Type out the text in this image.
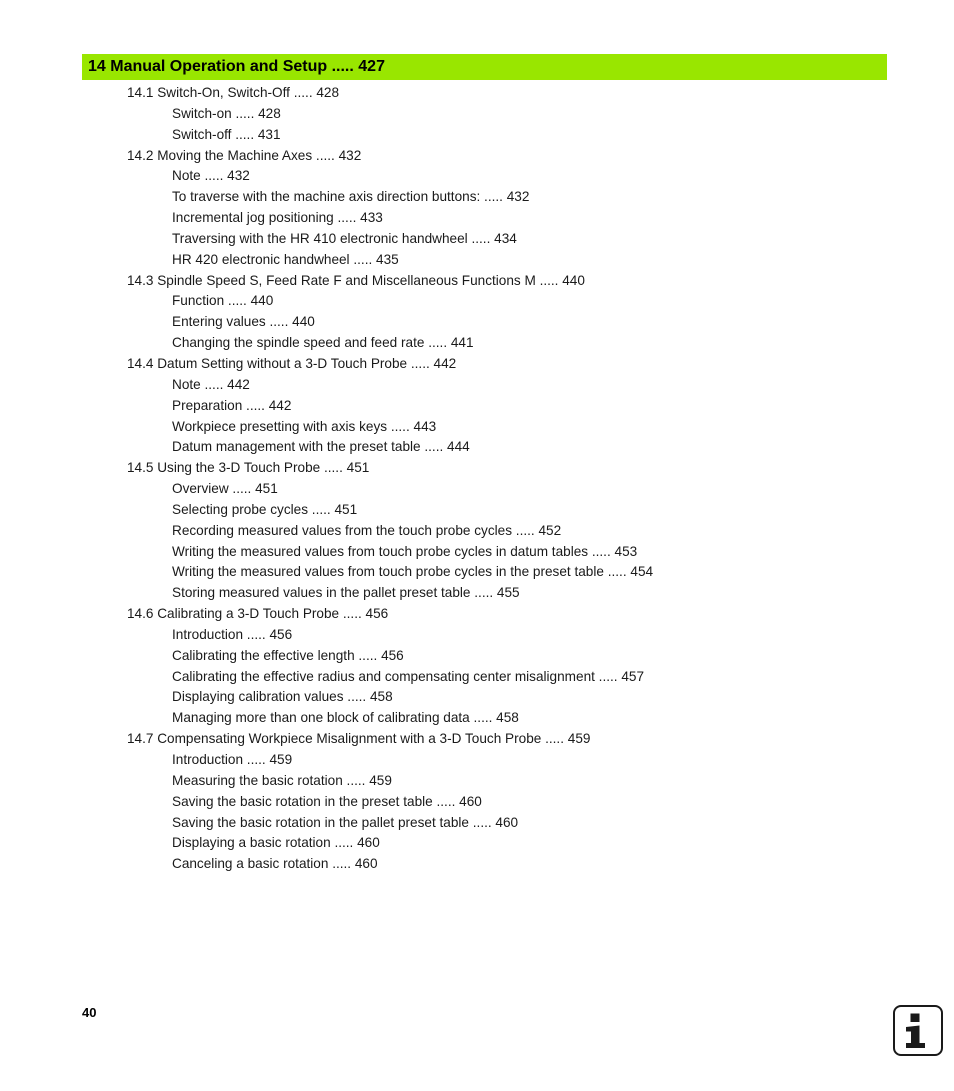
14 Manual Operation and Setup ..... 427
14.1 Switch-On, Switch-Off ..... 428
Switch-on ..... 428
Switch-off ..... 431
14.2 Moving the Machine Axes ..... 432
Note ..... 432
To traverse with the machine axis direction buttons: ..... 432
Incremental jog positioning ..... 433
Traversing with the HR 410 electronic handwheel ..... 434
HR 420 electronic handwheel ..... 435
14.3 Spindle Speed S, Feed Rate F and Miscellaneous Functions M ..... 440
Function ..... 440
Entering values ..... 440
Changing the spindle speed and feed rate ..... 441
14.4 Datum Setting without a 3-D Touch Probe ..... 442
Note ..... 442
Preparation ..... 442
Workpiece presetting with axis keys ..... 443
Datum management with the preset table ..... 444
14.5 Using the 3-D Touch Probe ..... 451
Overview ..... 451
Selecting probe cycles ..... 451
Recording measured values from the touch probe cycles ..... 452
Writing the measured values from touch probe cycles in datum tables ..... 453
Writing the measured values from touch probe cycles in the preset table ..... 454
Storing measured values in the pallet preset table ..... 455
14.6 Calibrating a 3-D Touch Probe ..... 456
Introduction ..... 456
Calibrating the effective length ..... 456
Calibrating the effective radius and compensating center misalignment ..... 457
Displaying calibration values ..... 458
Managing more than one block of calibrating data ..... 458
14.7 Compensating Workpiece Misalignment with a 3-D Touch Probe ..... 459
Introduction ..... 459
Measuring the basic rotation ..... 459
Saving the basic rotation in the preset table ..... 460
Saving the basic rotation in the pallet preset table ..... 460
Displaying a basic rotation ..... 460
Canceling a basic rotation ..... 460
40
